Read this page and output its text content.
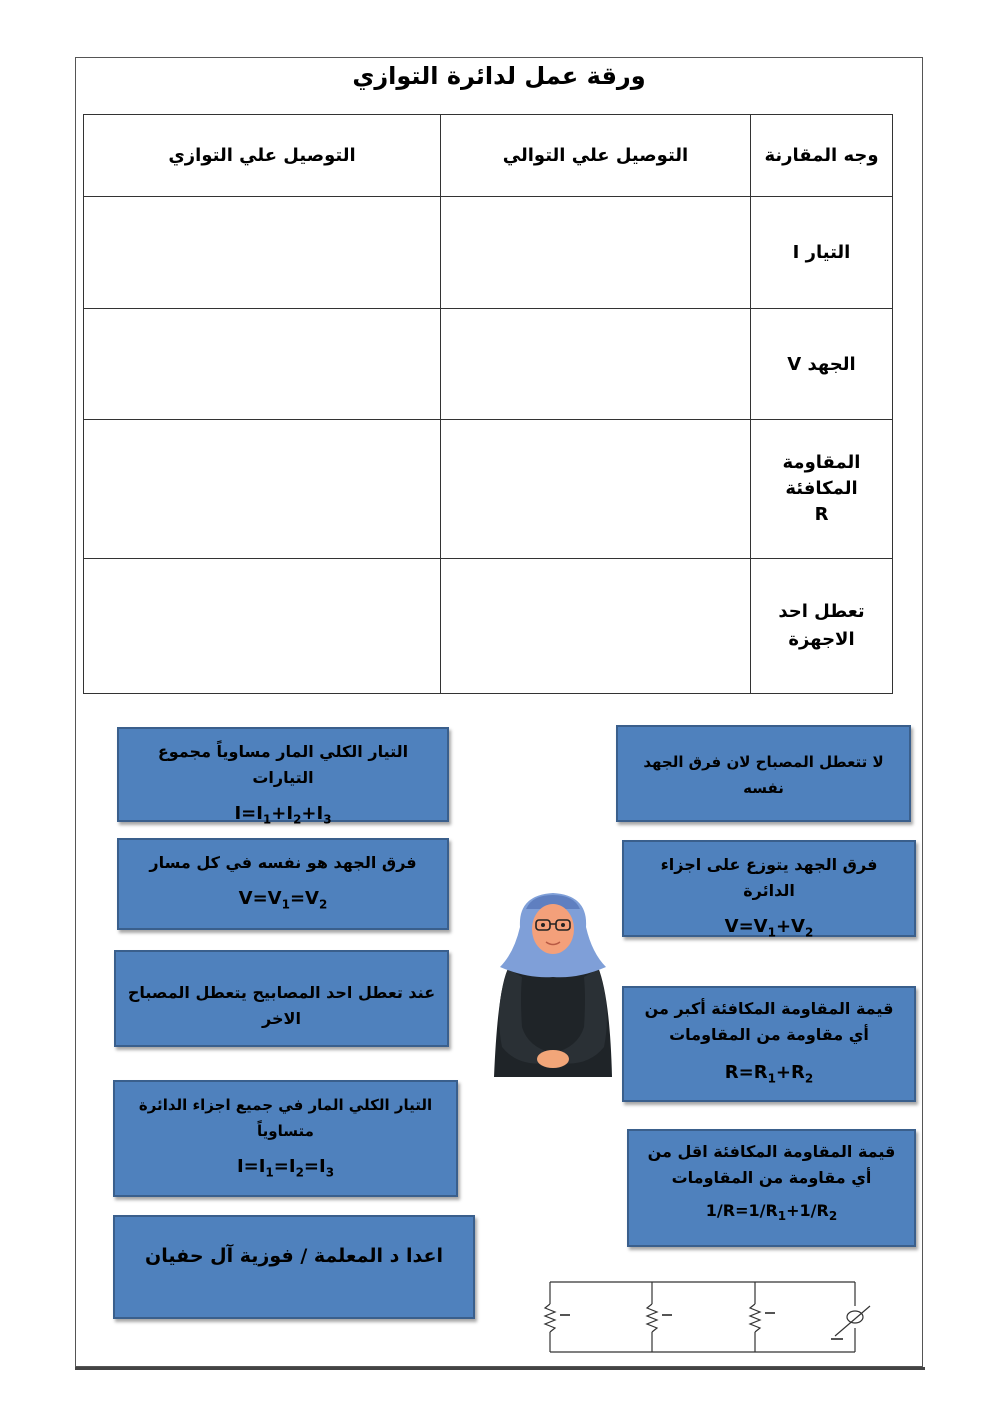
ورقة عمل لدائرة التوازي
وجه المقارنة	التوصيل علي التوالي	التوصيل علي التوازي
التيار I		
الجهد V		

المقاومة المكافئة R		

تعطل احد الاجهزة		

التيار الكلي المار مساوياً مجموع التيارات
$I=I_1+I_2+I_3$
فرق الجهد هو نفسه في كل مسار
$V=V_1=V_2$
عند تعطل احد المصابيح يتعطل المصباح الاخر
التيار الكلي المار في جميع اجزاء الدائرة متساوياً
$I=I_1=I_2=I_3$
اعدا د المعلمة / فوزية آل حفيان
لا تتعطل المصباح لان فرق الجهد نفسه
فرق الجهد يتوزع على اجزاء الدائرة
$V=V_1+V_2$
قيمة المقاومة المكافئة أكبر من أي مقاومة من المقاومات
$R=R_1+R_2$
قيمة المقاومة المكافئة اقل من أي مقاومة من المقاومات
$1/R=1/R_1+1/R_2$
